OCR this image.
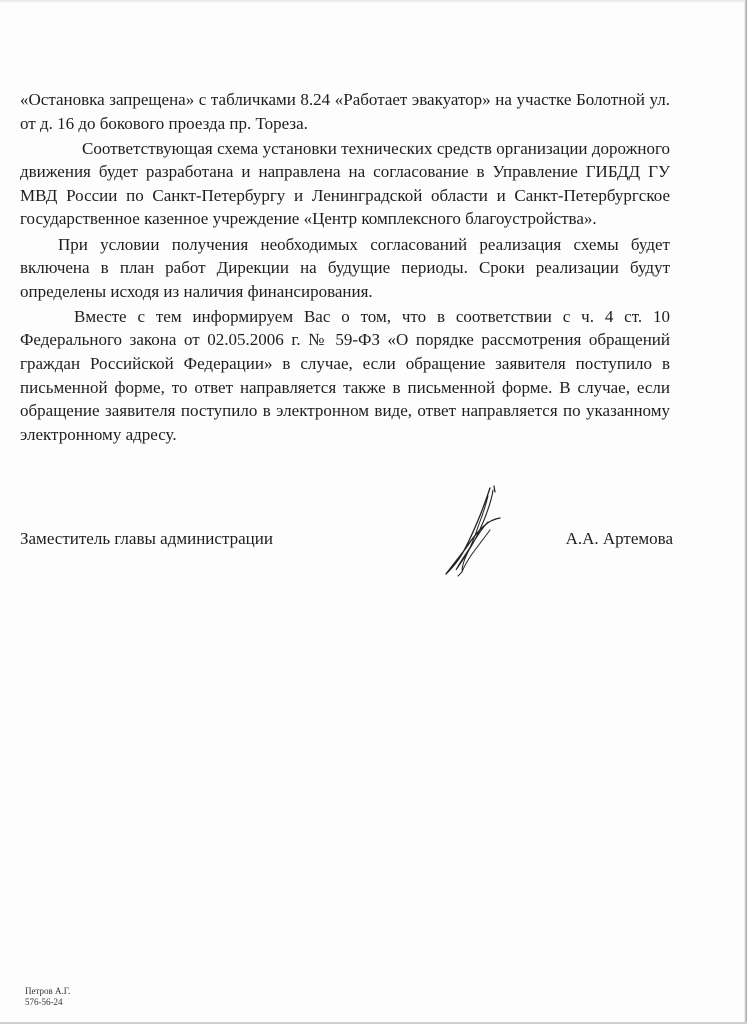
«Остановка запрещена» с табличками 8.24 «Работает эвакуатор» на участке Болотной ул. от д. 16 до бокового проезда пр. Тореза.

Соответствующая схема установки технических средств организации дорожного движения будет разработана и направлена на согласование в Управление ГИБДД ГУ МВД России по Санкт-Петербургу и Ленинградской области и Санкт-Петербургское государственное казенное учреждение «Центр комплексного благоустройства».

При условии получения необходимых согласований реализация схемы будет включена в план работ Дирекции на будущие периоды. Сроки реализации будут определены исходя из наличия финансирования.

Вместе с тем информируем Вас о том, что в соответствии с ч. 4 ст. 10 Федерального закона от 02.05.2006 г. № 59-ФЗ «О порядке рассмотрения обращений граждан Российской Федерации» в случае, если обращение заявителя поступило в письменной форме, то ответ направляется также в письменной форме. В случае, если обращение заявителя поступило в электронном виде, ответ направляется по указанному электронному адресу.

Заместитель главы администрации	А.А. Артемова
Петров А.Г.
576-56-24
